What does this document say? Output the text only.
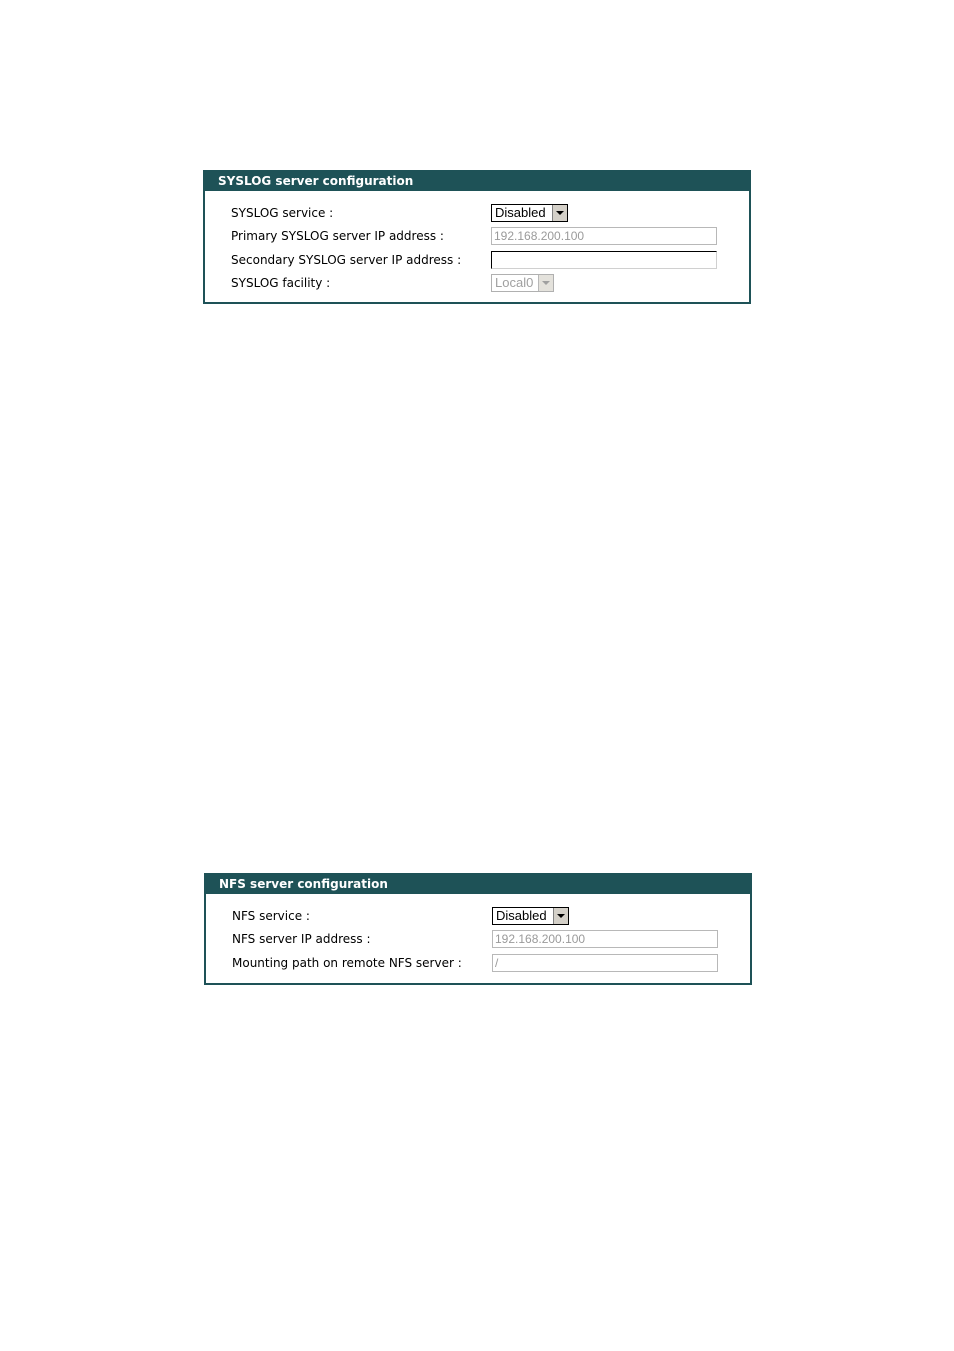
SYSLOG server configuration
SYSLOG service :	Disabled
Primary SYSLOG server IP address :	192.168.200.100
Secondary SYSLOG server IP address :
SYSLOG facility :	Local0
NFS server configuration
NFS service :	Disabled
NFS server IP address :	192.168.200.100
Mounting path on remote NFS server :	/
